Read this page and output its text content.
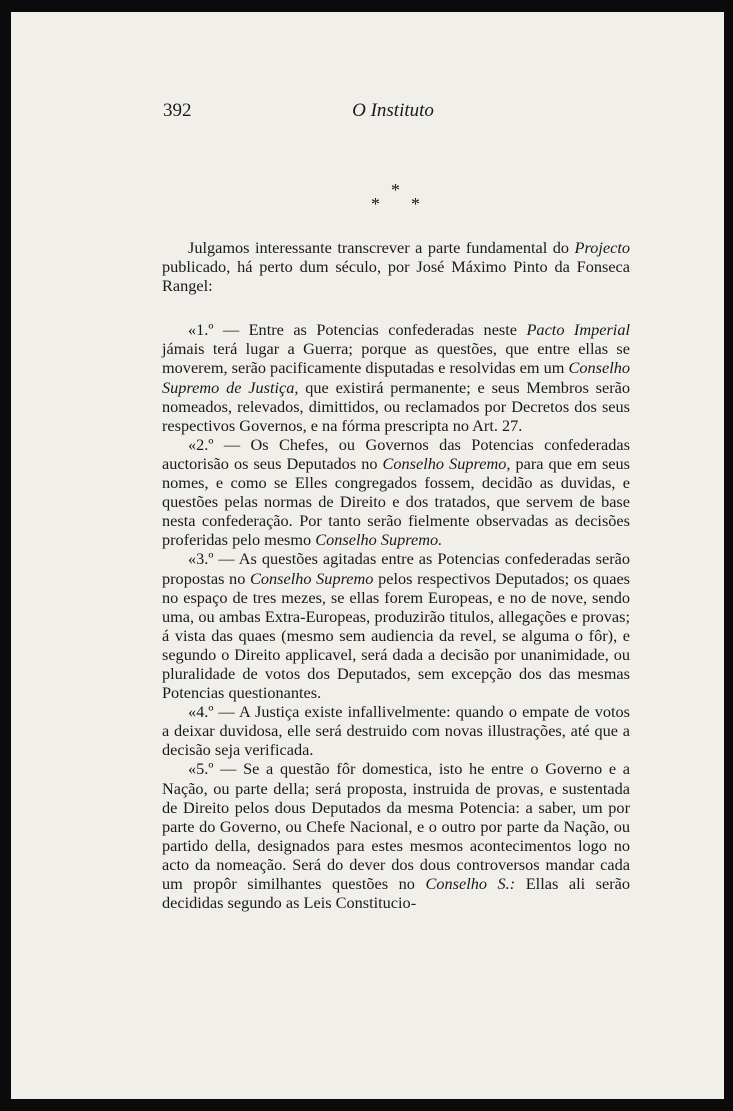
392	O Instituto
*
* *

Julgamos interessante transcrever a parte fundamental do Projecto publicado, há perto dum século, por José Máximo Pinto da Fonseca Rangel:

«1.º — Entre as Potencias confederadas neste Pacto Imperial jámais terá lugar a Guerra; porque as questões, que entre ellas se moverem, serão pacificamente disputadas e resolvidas em um Conselho Supremo de Justiça, que existirá permanente; e seus Membros serão nomeados, relevados, dimittidos, ou reclamados por Decretos dos seus respectivos Governos, e na fórma prescripta no Art. 27.

«2.º — Os Chefes, ou Governos das Potencias confederadas auctorisão os seus Deputados no Conselho Supremo, para que em seus nomes, e como se Elles congregados fossem, decidão as duvidas, e questões pelas normas de Direito e dos tratados, que servem de base nesta confederação. Por tanto serão fielmente observadas as decisões proferidas pelo mesmo Conselho Supremo.

«3.º — As questões agitadas entre as Potencias confederadas serão propostas no Conselho Supremo pelos respectivos Deputados; os quaes no espaço de tres mezes, se ellas forem Europeas, e no de nove, sendo uma, ou ambas Extra-Europeas, produzirão titulos, allegações e provas; á vista das quaes (mesmo sem audiencia da revel, se alguma o fôr), e segundo o Direito applicavel, será dada a decisão por unanimidade, ou pluralidade de votos dos Deputados, sem excepção dos das mesmas Potencias questionantes.

«4.º — A Justiça existe infallivelmente: quando o empate de votos a deixar duvidosa, elle será destruido com novas illustrações, até que a decisão seja verificada.

«5.º — Se a questão fôr domestica, isto he entre o Governo e a Nação, ou parte della; será proposta, instruida de provas, e sustentada de Direito pelos dous Deputados da mesma Potencia: a saber, um por parte do Governo, ou Chefe Nacional, e o outro por parte da Nação, ou partido della, designados para estes mesmos acontecimentos logo no acto da nomeação. Será do dever dos dous controversos mandar cada um propôr similhantes questões no Conselho S.: Ellas ali serão decididas segundo as Leis Constitucio-
